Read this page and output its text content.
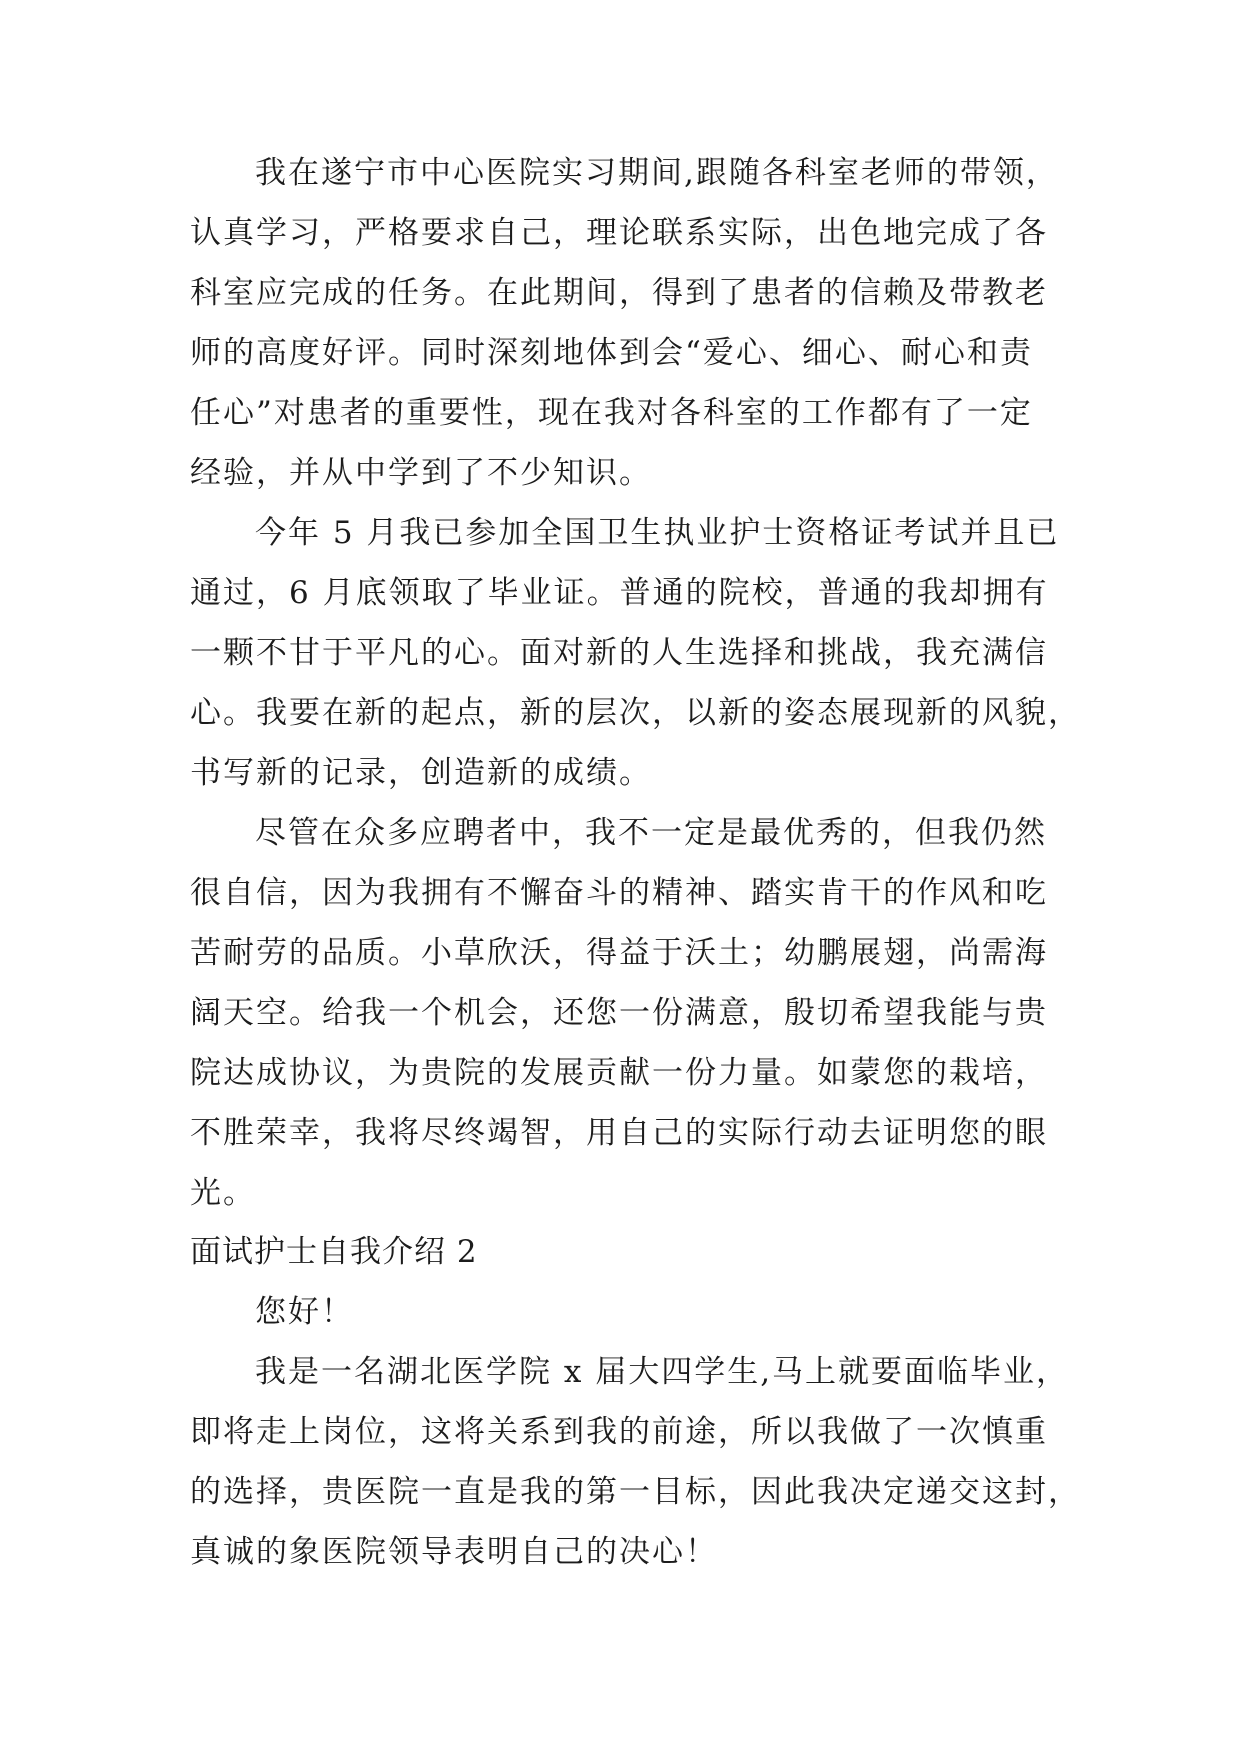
我在遂宁市中心医院实习期间,跟随各科室老师的带领，

认真学习，严格要求自己，理论联系实际，出色地完成了各

科室应完成的任务。在此期间，得到了患者的信赖及带教老

师的高度好评。同时深刻地体到会“爱心、细心、耐心和责

任心”对患者的重要性，现在我对各科室的工作都有了一定

经验，并从中学到了不少知识。

今年 5 月我已参加全国卫生执业护士资格证考试并且已

通过，6 月底领取了毕业证。普通的院校，普通的我却拥有

一颗不甘于平凡的心。面对新的人生选择和挑战，我充满信

心。我要在新的起点，新的层次，以新的姿态展现新的风貌，

书写新的记录，创造新的成绩。

尽管在众多应聘者中，我不一定是最优秀的，但我仍然

很自信，因为我拥有不懈奋斗的精神、踏实肯干的作风和吃

苦耐劳的品质。小草欣沃，得益于沃土；幼鹏展翅，尚需海

阔天空。给我一个机会，还您一份满意，殷切希望我能与贵

院达成协议，为贵院的发展贡献一份力量。如蒙您的栽培，

不胜荣幸，我将尽终竭智，用自己的实际行动去证明您的眼

光。

面试护士自我介绍 2

您好！

我是一名湖北医学院 x 届大四学生,马上就要面临毕业，

即将走上岗位，这将关系到我的前途，所以我做了一次慎重

的选择，贵医院一直是我的第一目标，因此我决定递交这封，

真诚的象医院领导表明自己的决心！
